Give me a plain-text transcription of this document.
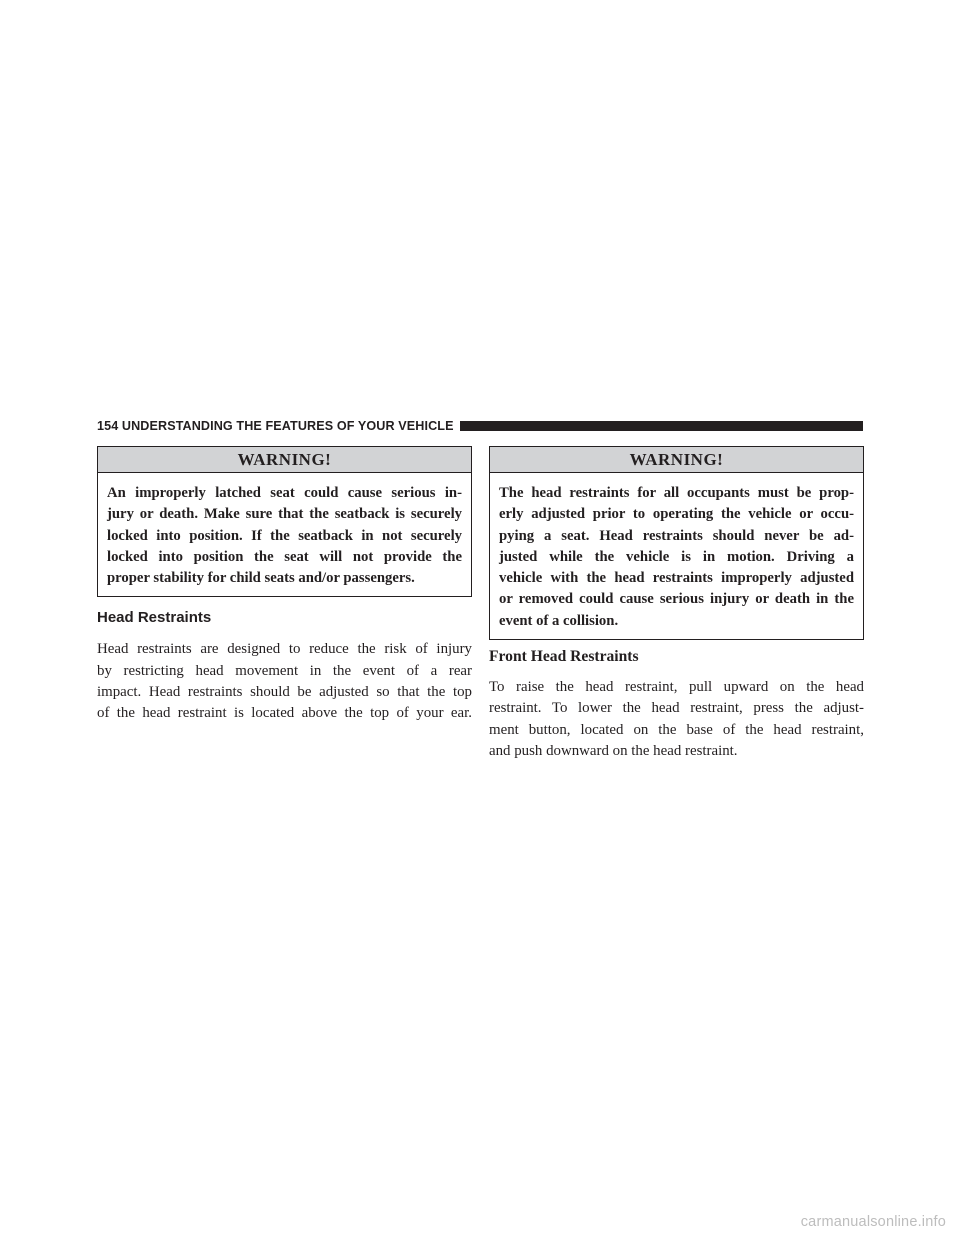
154 UNDERSTANDING THE FEATURES OF YOUR VEHICLE
WARNING!
An improperly latched seat could cause serious in-
jury or death. Make sure that the seatback is securely
locked into position. If the seatback in not securely
locked into position the seat will not provide the
proper stability for child seats and/or passengers.
Head Restraints
Head restraints are designed to reduce the risk of injury
by restricting head movement in the event of a rear
impact. Head restraints should be adjusted so that the top
of the head restraint is located above the top of your ear.
WARNING!
The head restraints for all occupants must be prop-
erly adjusted prior to operating the vehicle or occu-
pying a seat. Head restraints should never be ad-
justed while the vehicle is in motion. Driving a
vehicle with the head restraints improperly adjusted
or removed could cause serious injury or death in the
event of a collision.
Front Head Restraints
To raise the head restraint, pull upward on the head
restraint. To lower the head restraint, press the adjust-
ment button, located on the base of the head restraint,
and push downward on the head restraint.
carmanualsonline.info
